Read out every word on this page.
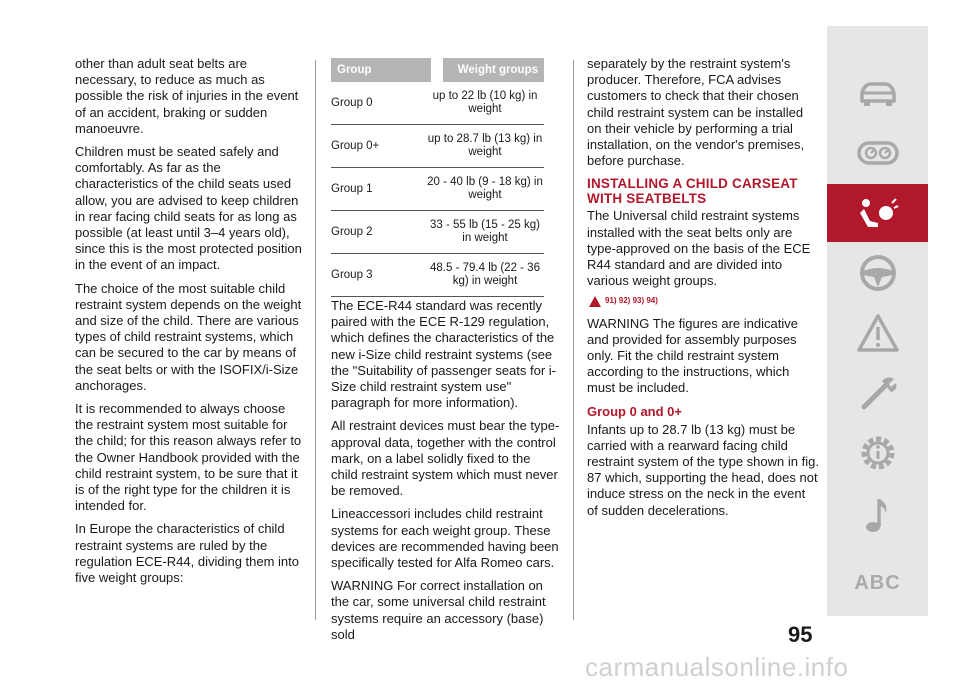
other than adult seat belts are necessary, to reduce as much as possible the risk of injuries in the event of an accident, braking or sudden manoeuvre.

Children must be seated safely and comfortably. As far as the characteristics of the child seats used allow, you are advised to keep children in rear facing child seats for as long as possible (at least until 3–4 years old), since this is the most protected position in the event of an impact.

The choice of the most suitable child restraint system depends on the weight and size of the child. There are various types of child restraint systems, which can be secured to the car by means of the seat belts or with the ISOFIX/i-Size anchorages.

It is recommended to always choose the restraint system most suitable for the child; for this reason always refer to the Owner Handbook provided with the child restraint system, to be sure that it is of the right type for the children it is intended for.

In Europe the characteristics of child restraint systems are ruled by the regulation ECE-R44, dividing them into five weight groups:

Group	Weight groups
Group 0
up to 22 lb (10 kg) in weight
Group 0+
up to 28.7 lb (13 kg) in weight
Group 1
20 - 40 lb (9 - 18 kg) in weight
Group 2
33 - 55 lb (15 - 25 kg) in weight
Group 3
48.5 - 79.4 lb (22 - 36 kg) in weight

The ECE-R44 standard was recently paired with the ECE R-129 regulation, which defines the characteristics of the new i-Size child restraint systems (see the "Suitability of passenger seats for i-Size child restraint system use" paragraph for more information).

All restraint devices must bear the type-approval data, together with the control mark, on a label solidly fixed to the child restraint system which must never be removed.

Lineaccessori includes child restraint systems for each weight group. These devices are recommended having been specifically tested for Alfa Romeo cars.

WARNING For correct installation on the car, some universal child restraint systems require an accessory (base) sold

separately by the restraint system's producer. Therefore, FCA advises customers to check that their chosen child restraint system can be installed on their vehicle by performing a trial installation, on the vendor's premises, before purchase.

INSTALLING A CHILD CARSEAT WITH SEATBELTS

The Universal child restraint systems installed with the seat belts only are type-approved on the basis of the ECE R44 standard and are divided into various weight groups.

91) 92) 93) 94)

WARNING The figures are indicative and provided for assembly purposes only. Fit the child restraint system according to the instructions, which must be included.

Group 0 and 0+

Infants up to 28.7 lb (13 kg) must be carried with a rearward facing child restraint system of the type shown in fig. 87 which, supporting the head, does not induce stress on the neck in the event of sudden decelerations.

ABC
95
carmanualsonline.info
